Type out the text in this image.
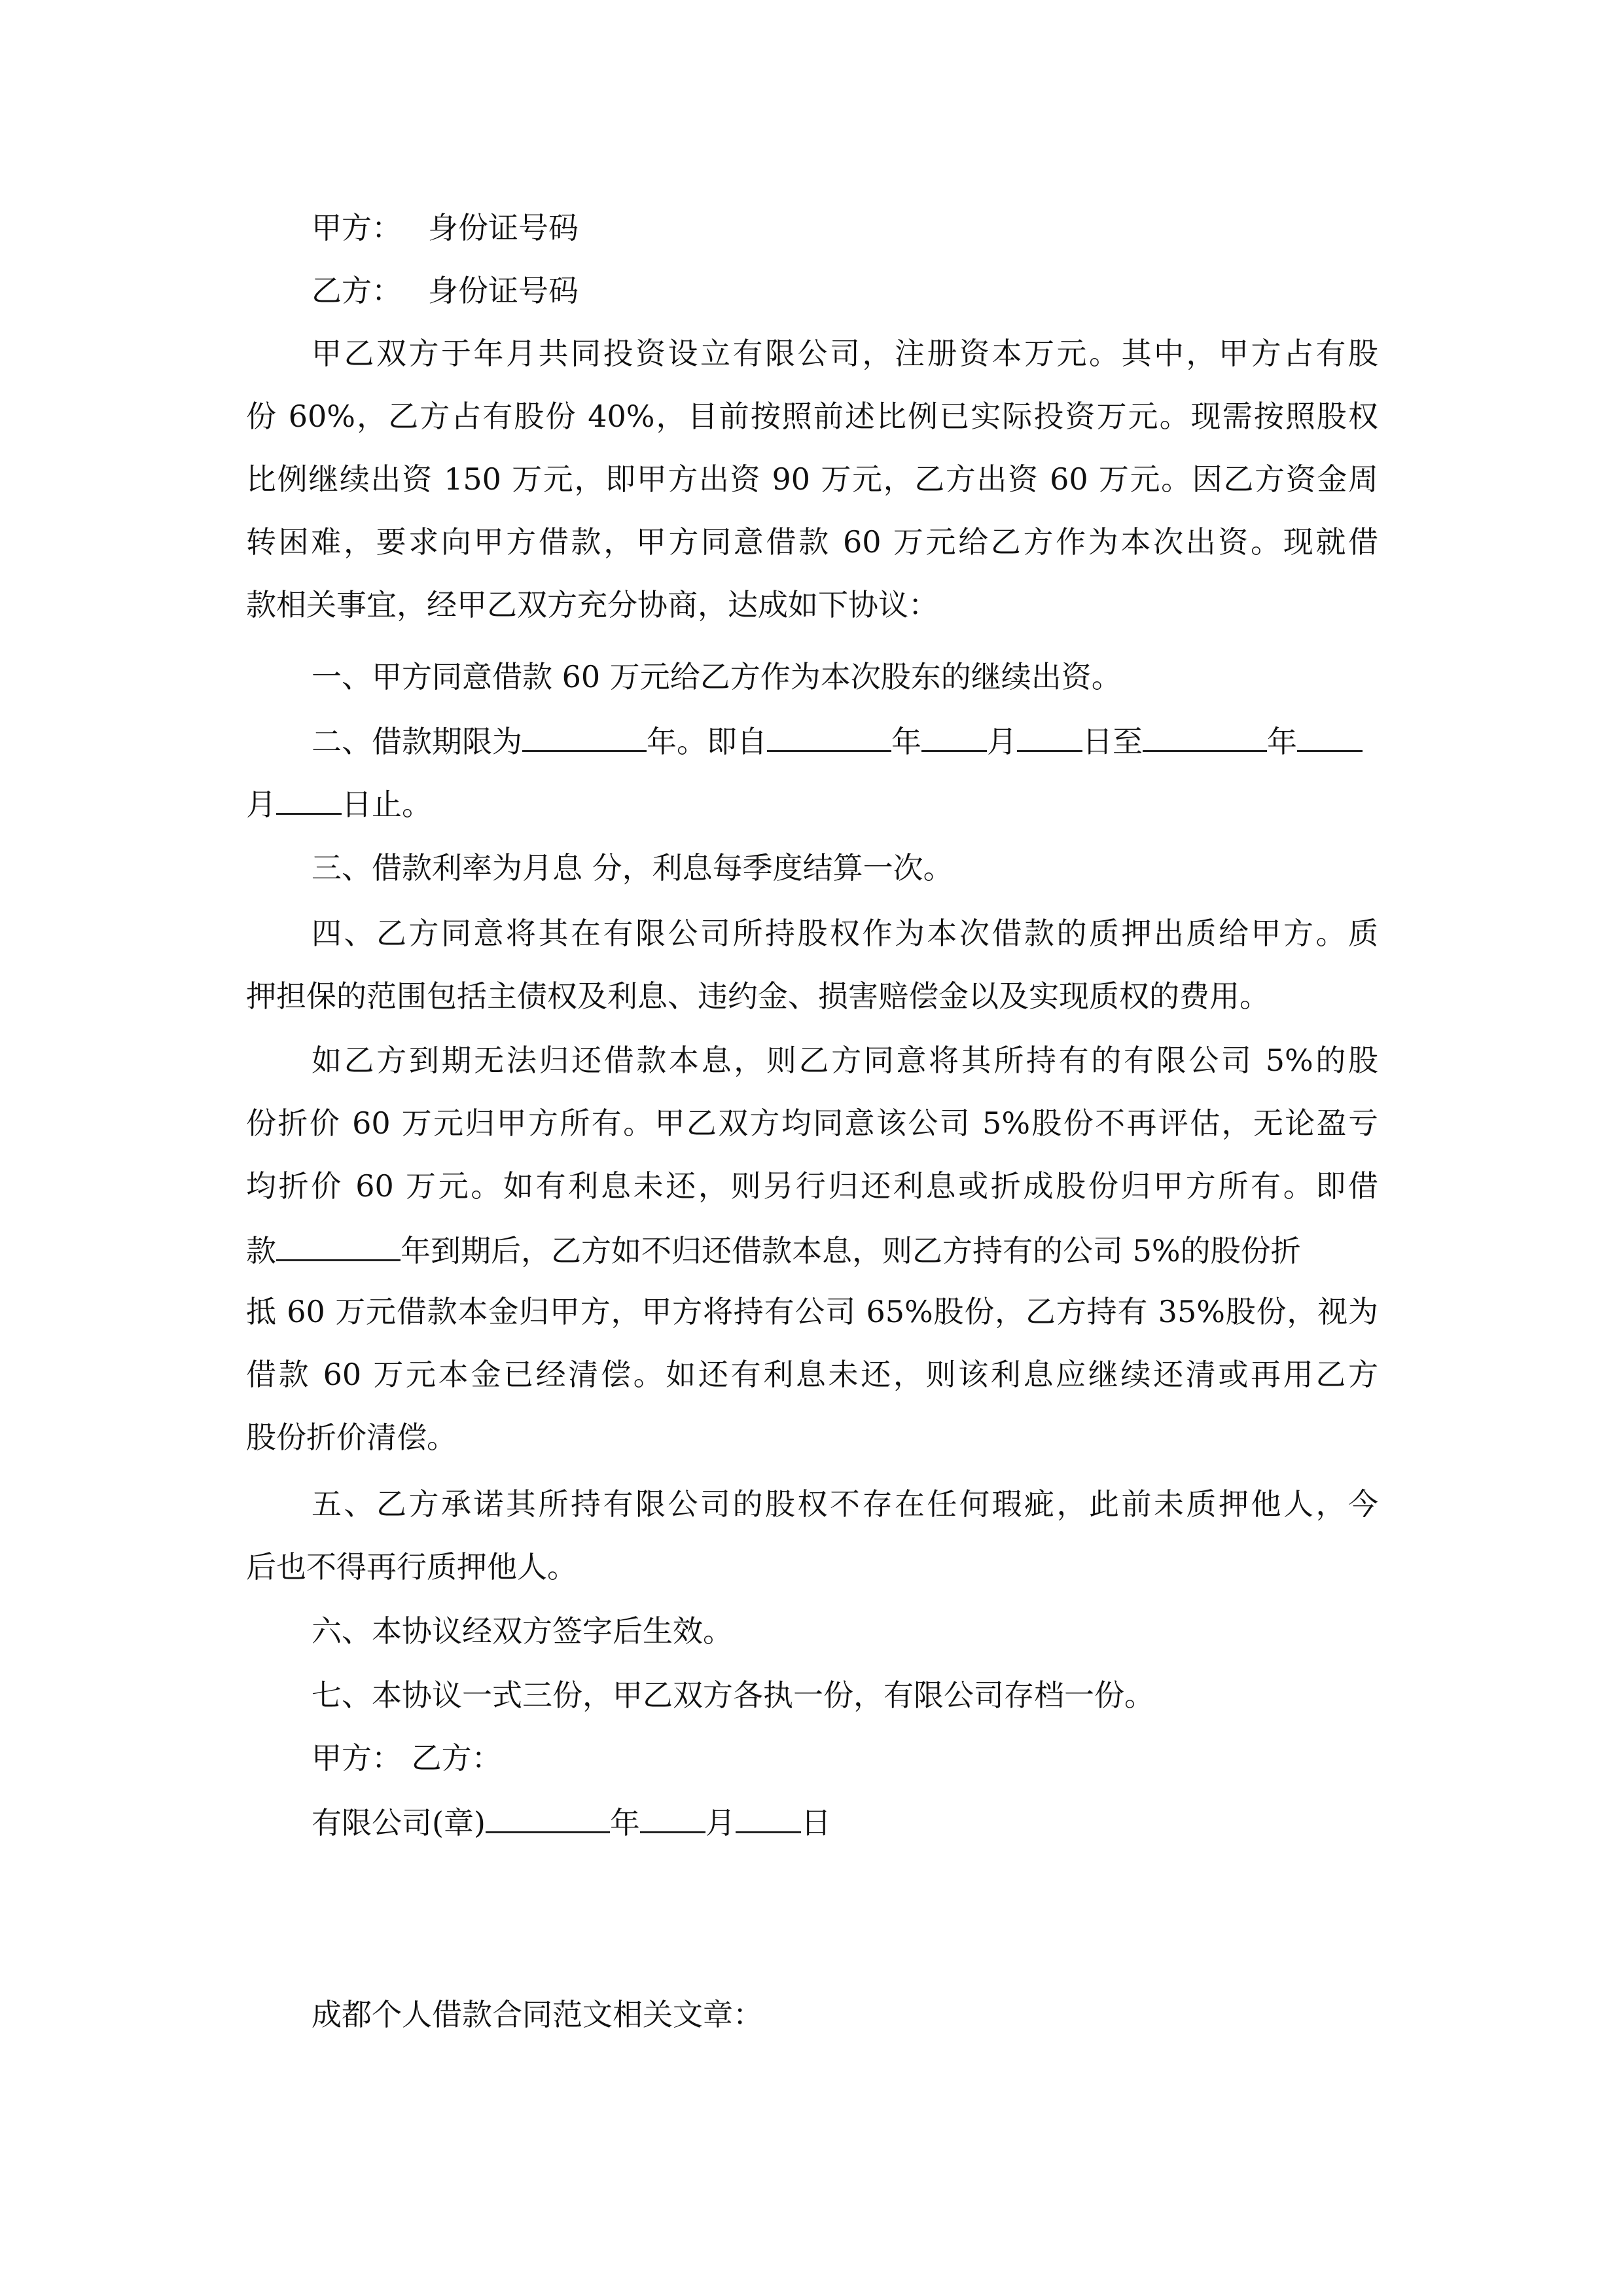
甲方： 身份证号码
乙方： 身份证号码
甲乙双方于年月共同投资设立有限公司，注册资本万元。其中，甲方占有股
份 60%，乙方占有股份 40%，目前按照前述比例已实际投资万元。现需按照股权
比例继续出资 150 万元，即甲方出资 90 万元，乙方出资 60 万元。因乙方资金周
转困难，要求向甲方借款，甲方同意借款 60 万元给乙方作为本次出资。现就借
款相关事宜，经甲乙双方充分协商，达成如下协议：
一、甲方同意借款 60 万元给乙方作为本次股东的继续出资。
二、借款期限为	年。即自	年 月 日至	年
月 日止。
三、借款利率为月息 分，利息每季度结算一次。
四、乙方同意将其在有限公司所持股权作为本次借款的质押出质给甲方。质
押担保的范围包括主债权及利息、违约金、损害赔偿金以及实现质权的费用。
如乙方到期无法归还借款本息，则乙方同意将其所持有的有限公司 5%的股
份折价 60 万元归甲方所有。甲乙双方均同意该公司 5%股份不再评估，无论盈亏
均折价 60 万元。如有利息未还，则另行归还利息或折成股份归甲方所有。即借
款	年到期后，乙方如不归还借款本息，则乙方持有的公司 5%的股份折
抵 60 万元借款本金归甲方，甲方将持有公司 65%股份，乙方持有 35%股份，视为
借款 60 万元本金已经清偿。如还有利息未还，则该利息应继续还清或再用乙方
股份折价清偿。
五、乙方承诺其所持有限公司的股权不存在任何瑕疵，此前未质押他人，今
后也不得再行质押他人。
六、本协议经双方签字后生效。
七、本协议一式三份，甲乙双方各执一份，有限公司存档一份。
甲方： 乙方：
有限公司(章)	年 月 日
成都个人借款合同范文相关文章：
